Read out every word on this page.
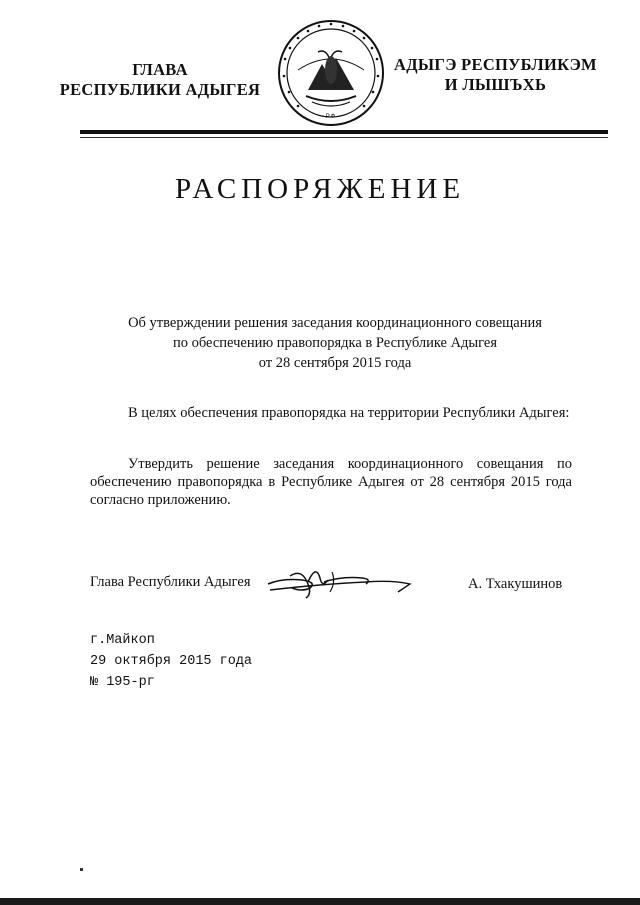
ГЛАВА
РЕСПУБЛИКИ АДЫГЕЯ
РФ
АДЫГЭ РЕСПУБЛИКЭМ
И ЛЫШЪХЬ
РАСПОРЯЖЕНИЕ
Об утверждении решения заседания координационного совещания
по обеспечению правопорядка в Республике Адыгея
от 28 сентября 2015 года
В целях обеспечения правопорядка на территории Республики Адыгея:
Утвердить решение заседания координационного совещания по обеспечению правопорядка в Республике Адыгея от 28 сентября 2015 года согласно приложению.
Глава Республики Адыгея	А. Тхакушинов
г.Майкоп
29 октября 2015 года
№ 195-рг
